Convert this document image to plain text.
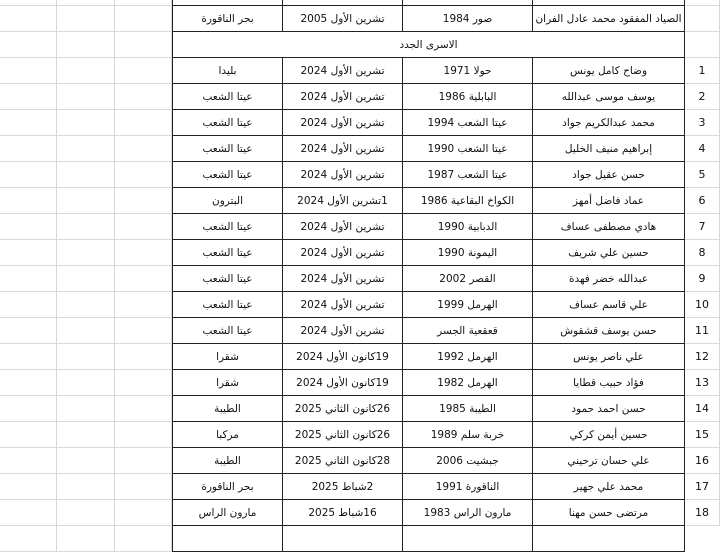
بحر الناقورة	تشرين الأول 2005	صور 1984	الصياد المفقود محمد عادل الفران
الاسرى الجدد
بليدا	تشرين الأول 2024	حولا 1971	وضاح كامل يونس	1
عيتا الشعب	تشرين الأول 2024	البابلية 1986	يوسف موسى عبدالله	2
عيتا الشعب	تشرين الأول 2024	عيتا الشعب 1994	محمد عبدالكريم جواد	3
عيتا الشعب	تشرين الأول 2024	عيتا الشعب 1990	إبراهيم منيف الخليل	4
عيتا الشعب	تشرين الأول 2024	عيتا الشعب 1987	حسن عقيل جواد	5
البترون	1تشرين الأول 2024	الكواخ البقاعية 1986	عماد فاضل أمهز	6
عيتا الشعب	تشرين الأول 2024	الدبابية 1990	هادي مصطفى عساف	7
عيتا الشعب	تشرين الأول 2024	اليمونة 1990	حسين علي شريف	8
عيتا الشعب	تشرين الأول 2024	القصر 2002	عبدالله خضر فهدة	9
عيتا الشعب	تشرين الأول 2024	الهرمل 1999	علي قاسم عساف	10
عيتا الشعب	تشرين الأول 2024	قعقعية الجسر	حسن يوسف قشقوش	11
شقرا	19كانون الأول 2024	الهرمل 1992	علي ناصر يونس	12
شقرا	19كانون الأول 2024	الهرمل 1982	فؤاد حبيب قطايا	13
الطيبة	26كانون الثاني 2025	الطيبة 1985	حسن احمد حمود	14
مركبا	26كانون الثاني 2025	خربة سلم 1989	حسين أيمن كركي	15
الطيبة	28كانون الثاني 2025	جبشيت 2006	علي حسان ترحيني	16
بحر الناقورة	2شباط 2025	الناقورة 1991	محمد علي جهير	17
مارون الراس	16شباط 2025	مارون الراس 1983	مرتضى حسن مهنا	18
